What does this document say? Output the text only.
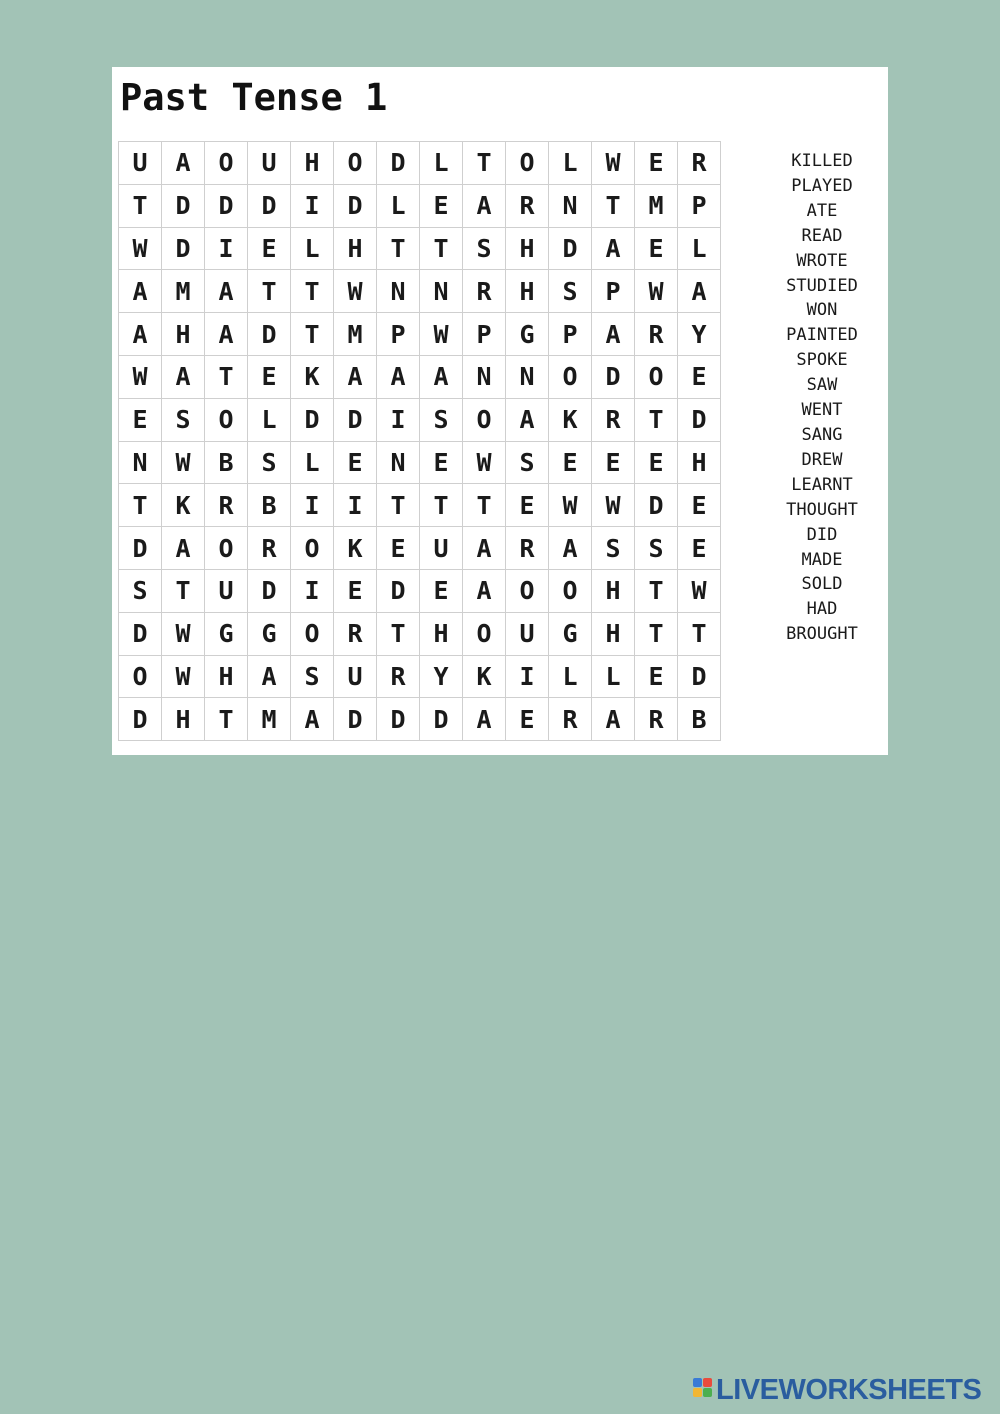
Past Tense 1
U	A	O	U	H	O	D	L	T	O	L	W	E	R
T	D	D	D	I	D	L	E	A	R	N	T	M	P
W	D	I	E	L	H	T	T	S	H	D	A	E	L
A	M	A	T	T	W	N	N	R	H	S	P	W	A
A	H	A	D	T	M	P	W	P	G	P	A	R	Y
W	A	T	E	K	A	A	A	N	N	O	D	O	E
E	S	O	L	D	D	I	S	O	A	K	R	T	D
N	W	B	S	L	E	N	E	W	S	E	E	E	H
T	K	R	B	I	I	T	T	T	E	W	W	D	E
D	A	O	R	O	K	E	U	A	R	A	S	S	E
S	T	U	D	I	E	D	E	A	O	O	H	T	W
D	W	G	G	O	R	T	H	O	U	G	H	T	T
O	W	H	A	S	U	R	Y	K	I	L	L	E	D
D	H	T	M	A	D	D	D	A	E	R	A	R	B
KILLED
PLAYED
ATE
READ
WROTE
STUDIED
WON
PAINTED
SPOKE
SAW
WENT
SANG
DREW
LEARNT
THOUGHT
DID
MADE
SOLD
HAD
BROUGHT
LIVEWORKSHEETS
